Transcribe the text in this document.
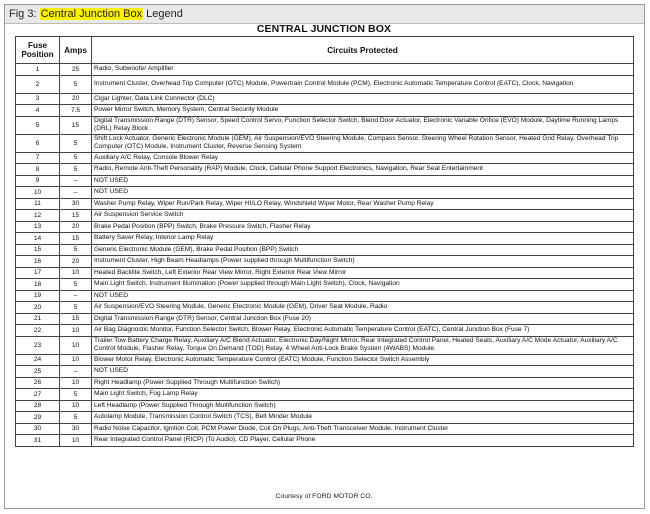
Fig 3: Central Junction Box Legend
CENTRAL JUNCTION BOX
Fuse
Position	Amps	Circuits Protected
1	25	Radio, Subwoofer Amplifier
2	5	Instrument Cluster, Overhead Trip Computer (OTC) Module, Powertrain Control Module (PCM), Electronic Automatic Temperature Control (EATC), Clock, Navigation
3	20	Cigar Lighter, Data Link Connector (DLC)
4	7.5	Power Mirror Switch, Memory System, Central Security Module
5	15	Digital Transmission Range (DTR) Sensor, Speed Control Servo, Function Selector Switch, Blend Door Actuator, Electronic Variable Orifice (EVO) Module, Daytime Running Lamps (DRL) Relay Block
6	5	Shift Lock Actuator, Generic Electronic Module (GEM), Air Suspension/EVO Steering Module, Compass Sensor, Steering Wheel Rotation Sensor, Heated Grid Relay, Overhead Trip Computer (OTC) Module, Instrument Cluster, Reverse Sensing System
7	5	Auxiliary A/C Relay, Console Blower Relay
8	5	Radio, Remote Anti-Theft Personality (RAP) Module, Clock, Cellular Phone Support Electronics, Navigation, Rear Seat Entertainment
9	–	NOT USED
10	–	NOT USED
11	30	Washer Pump Relay, Wiper Run/Park Relay, Wiper HI/LO Relay, Windshield Wiper Motor, Rear Washer Pump Relay
12	15	Air Suspension Service Switch
13	20	Brake Pedal Position (BPP) Switch, Brake Pressure Switch, Flasher Relay
14	15	Battery Saver Relay, Interior Lamp Relay
15	5	Generic Electronic Module (GEM), Brake Pedal Position (BPP) Switch
16	20	Instrument Cluster, High Beam Headlamps (Power supplied through Multifunction Switch)
17	10	Heated Backlite Switch, Left Exterior Rear View Mirror, Right Exterior Rear View Mirror
18	5	Main Light Switch, Instrument Illumination (Power supplied through Main Light Switch), Clock, Navigation
19	–	NOT USED
20	5	Air Suspension/EVO Steering Module, Generic Electronic Module (GEM), Driver Seat Module, Radio
21	15	Digital Transmission Range (DTR) Sensor, Central Junction Box (Fuse 20)
22	10	Air Bag Diagnostic Monitor, Function Selector Switch, Blower Relay, Electronic Automatic Temperature Control (EATC), Central Junction Box (Fuse 7)
23	10	Trailer Tow Battery Charge Relay, Auxiliary A/C Blend Actuator, Electronic Day/Night Mirror, Rear Integrated Control Panel, Heated Seats, Auxiliary A/C Mode Actuator, Auxiliary A/C Control Module, Flasher Relay, Torque On Demand (TOD) Relay, 4 Wheel Anti-Lock Brake System (4WABS) Module
24	10	Blower Motor Relay, Electronic Automatic Temperature Control (EATC) Module, Function Selector Switch Assembly
25	–	NOT USED
26	10	Right Headlamp (Power Supplied Through Multifunction Switch)
27	5	Main Light Switch, Fog Lamp Relay
28	10	Left Headlamp (Power Supplied Through Multifunction Switch)
29	5	Autolamp Module, Transmission Control Switch (TCS), Belt Minder Module
30	30	Radio Noise Capacitor, Ignition Coil, PCM Power Diode, Coil On Plugs, Anti-Theft Transceiver Module, Instrument Cluster
31	10	Rear Integrated Control Panel (RICP) (To Audio), CD Player, Cellular Phone
Courtesy of FORD MOTOR CO.
